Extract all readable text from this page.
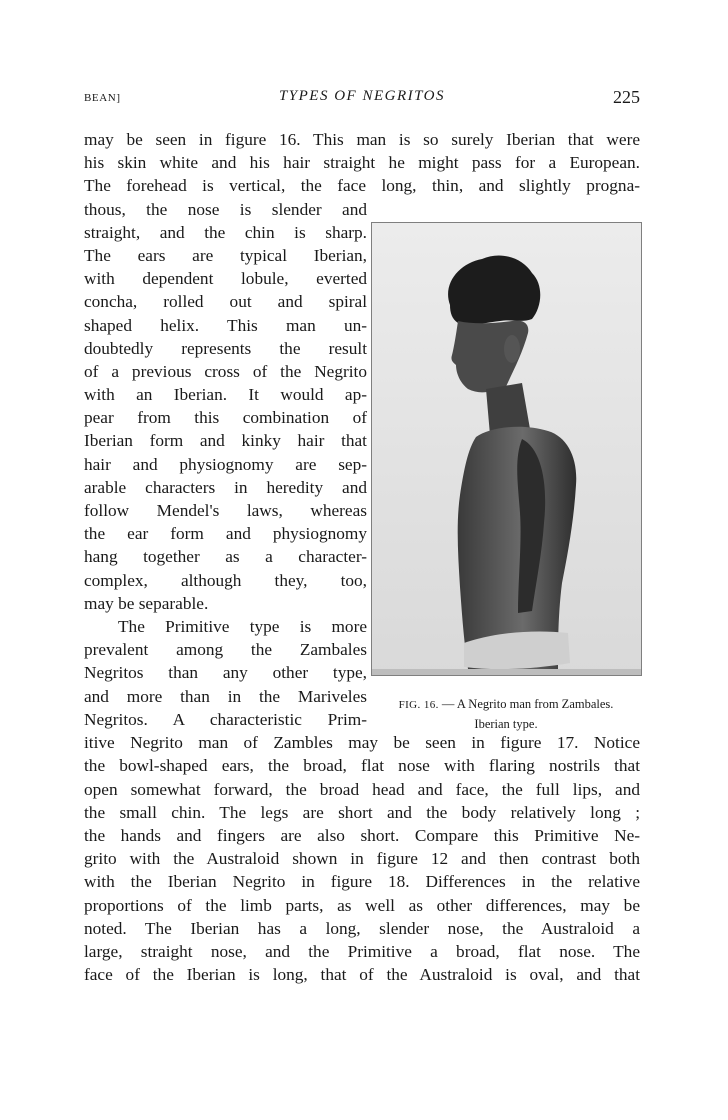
BEAN]	TYPES OF NEGRITOS	225
may be seen in figure 16. This man is so surely Iberian that were
his skin white and his hair straight he might pass for a European.
The forehead is vertical, the face long, thin, and slightly progna-
thous, the nose is slender and
straight, and the chin is sharp.
The ears are typical Iberian,
with dependent lobule, everted
concha, rolled out and spiral
shaped helix. This man un-
doubtedly represents the result
of a previous cross of the Negrito
with an Iberian. It would ap-
pear from this combination of
Iberian form and kinky hair that
hair and physiognomy are sep-
arable characters in heredity and
follow Mendel's laws, whereas
the ear form and physiognomy
hang together as a character-
complex, although they, too,
may be separable.
The Primitive type is more
prevalent among the Zambales
Negritos than any other type,
and more than in the Mariveles
Negritos. A characteristic Prim-
itive Negrito man of Zambles may be seen in figure 17. Notice
the bowl-shaped ears, the broad, flat nose with flaring nostrils that
open somewhat forward, the broad head and face, the full lips, and
the small chin. The legs are short and the body relatively long ;
the hands and fingers are also short. Compare this Primitive Ne-
grito with the Australoid shown in figure 12 and then contrast both
with the Iberian Negrito in figure 18. Differences in the relative
proportions of the limb parts, as well as other differences, may be
noted. The Iberian has a long, slender nose, the Australoid a
large, straight nose, and the Primitive a broad, flat nose. The
face of the Iberian is long, that of the Australoid is oval, and that
FIG. 16. — A Negrito man from Zambales.
Iberian type.
